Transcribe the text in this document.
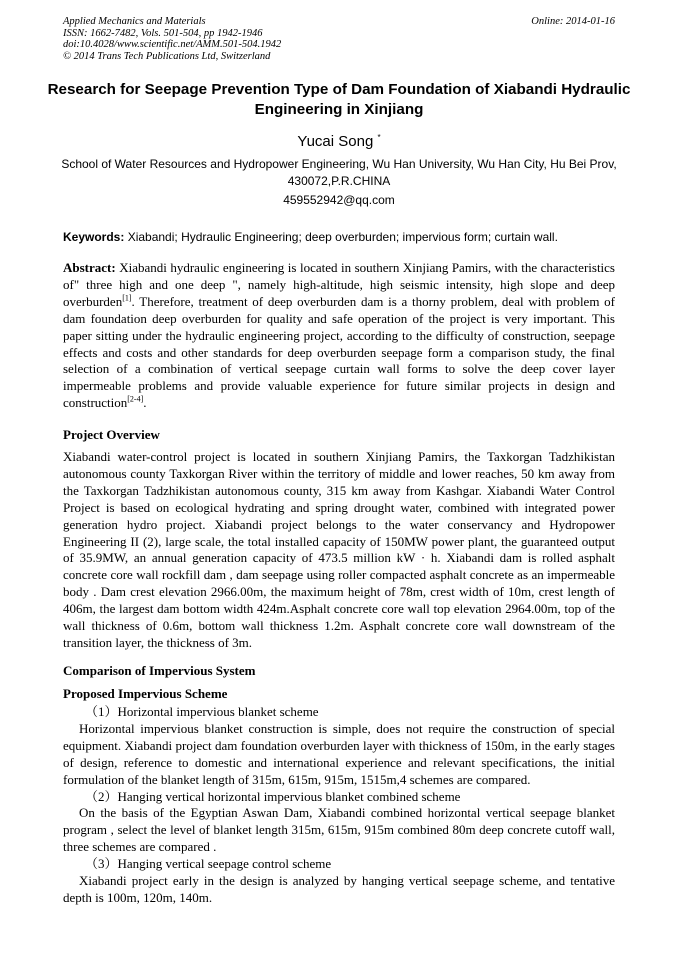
Applied Mechanics and Materials
ISSN: 1662-7482, Vols. 501-504, pp 1942-1946
doi:10.4028/www.scientific.net/AMM.501-504.1942
© 2014 Trans Tech Publications Ltd, Switzerland
Online: 2014-01-16
Research for Seepage Prevention Type of Dam Foundation of Xiabandi Hydraulic Engineering in Xinjiang
Yucai Song *
School of Water Resources and Hydropower Engineering, Wu Han University, Wu Han City, Hu Bei Prov, 430072,P.R.CHINA
459552942@qq.com
Keywords: Xiabandi; Hydraulic Engineering; deep overburden; impervious form; curtain wall.
Abstract: Xiabandi hydraulic engineering is located in southern Xinjiang Pamirs, with the characteristics of" three high and one deep ", namely high-altitude, high seismic intensity, high slope and deep overburden[1]. Therefore, treatment of deep overburden dam is a thorny problem, deal with problem of dam foundation deep overburden for quality and safe operation of the project is very important. This paper sitting under the hydraulic engineering project, according to the difficulty of construction, seepage effects and costs and other standards for deep overburden seepage form a comparison study, the final selection of a combination of vertical seepage curtain wall forms to solve the deep cover layer impermeable problems and provide valuable experience for future similar projects in design and construction[2-4].
Project Overview
Xiabandi water-control project is located in southern Xinjiang Pamirs, the Taxkorgan Tadzhikistan autonomous county Taxkorgan River within the territory of middle and lower reaches, 50 km away from the Taxkorgan Tadzhikistan autonomous county, 315 km away from Kashgar. Xiabandi Water Control Project is based on ecological hydrating and spring drought water, combined with integrated power generation hydro project. Xiabandi project belongs to the water conservancy and Hydropower Engineering II (2), large scale, the total installed capacity of 150MW power plant, the guaranteed output of 35.9MW, an annual generation capacity of 473.5 million kW · h. Xiabandi dam is rolled asphalt concrete core wall rockfill dam , dam seepage using roller compacted asphalt concrete as an impermeable body . Dam crest elevation 2966.00m, the maximum height of 78m, crest width of 10m, crest length of 406m, the largest dam bottom width 424m.Asphalt concrete core wall top elevation 2964.00m, top of the wall thickness of 0.6m, bottom wall thickness 1.2m. Asphalt concrete core wall downstream of the transition layer, the thickness of 3m.
Comparison of Impervious System
Proposed Impervious Scheme

（1）Horizontal impervious blanket scheme

Horizontal impervious blanket construction is simple, does not require the construction of special equipment. Xiabandi project dam foundation overburden layer with thickness of 150m, in the early stages of design, reference to domestic and international experience and relevant specifications, the initial formulation of the blanket length of 315m, 615m, 915m, 1515m,4 schemes are compared.

（2）Hanging vertical horizontal impervious blanket combined scheme

On the basis of the Egyptian Aswan Dam, Xiabandi combined horizontal vertical seepage blanket program , select the level of blanket length 315m, 615m, 915m combined 80m deep concrete cutoff wall, three schemes are compared .

（3）Hanging vertical seepage control scheme

Xiabandi project early in the design is analyzed by hanging vertical seepage scheme, and tentative depth is 100m, 120m, 140m.
